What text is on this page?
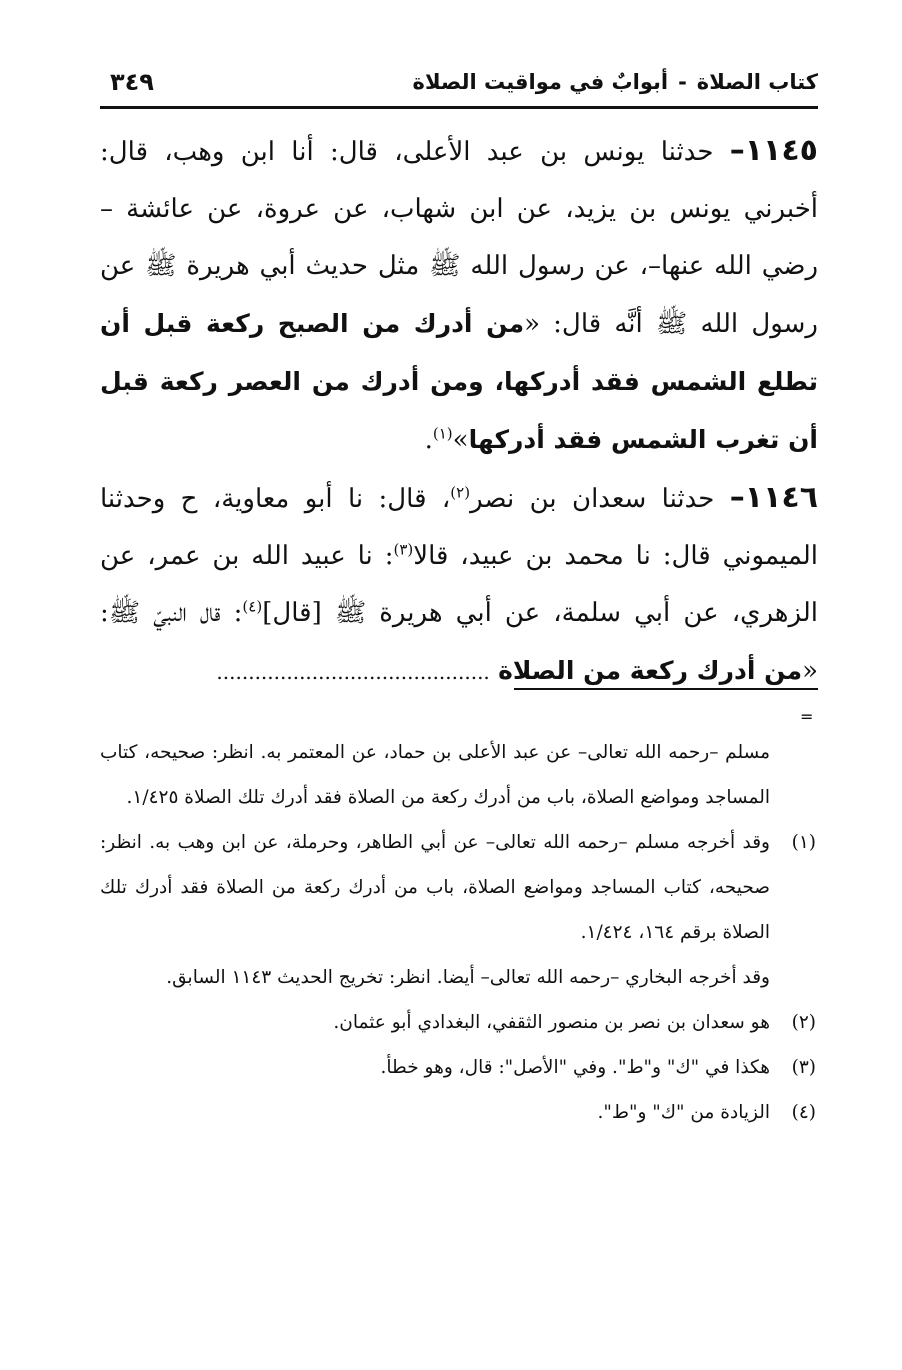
كتاب الصلاة-أبوابٌ في مواقيت الصلاة
٣٤٩

١١٤٥– حدثنا يونس بن عبد الأعلى، قال: أنا ابن وهب، قال: أخبرني يونس بن يزيد، عن ابن شهاب، عن عروة، عن عائشة –رضي الله عنها–، عن رسول الله ﷺ مثل حديث أبي هريرة ﷺ عن رسول الله ﷺ أنَّه قال: «من أدرك من الصبح ركعة قبل أن تطلع الشمس فقد أدركها، ومن أدرك من العصر ركعة قبل أن تغرب الشمس فقد أدركها»$^{(١)}$.

١١٤٦– حدثنا سعدان بن نصر$^{(٢)}$، قال: نا أبو معاوية، ح وحدثنا الميموني قال: نا محمد بن عبيد، قالا$^{(٣)}$: نا عبيد الله بن عمر، عن الزهري، عن أبي سلمة، عن أبي هريرة ﷺ [قال]$^{(٤)}$: قال النبيّ ﷺ: «من أدرك ركعة من الصلاة ...........................................

=

مسلم –رحمه الله تعالى– عن عبد الأعلى بن حماد، عن المعتمر به. انظر: صحيحه، كتاب المساجد ومواضع الصلاة، باب من أدرك ركعة من الصلاة فقد أدرك تلك الصلاة ١/٤٢٥.

(١)
وقد أخرجه مسلم –رحمه الله تعالى– عن أبي الطاهر، وحرملة، عن ابن وهب به. انظر: صحيحه، كتاب المساجد ومواضع الصلاة، باب من أدرك ركعة من الصلاة فقد أدرك تلك الصلاة برقم ١٦٤، ١/٤٢٤.

وقد أخرجه البخاري –رحمه الله تعالى– أيضا. انظر: تخريج الحديث ١١٤٣ السابق.

(٢)
هو سعدان بن نصر بن منصور الثقفي، البغدادي أبو عثمان.
(٣)
هكذا في "ك" و"ط". وفي "الأصل": قال، وهو خطأ.
(٤)
الزيادة من "ك" و"ط".
